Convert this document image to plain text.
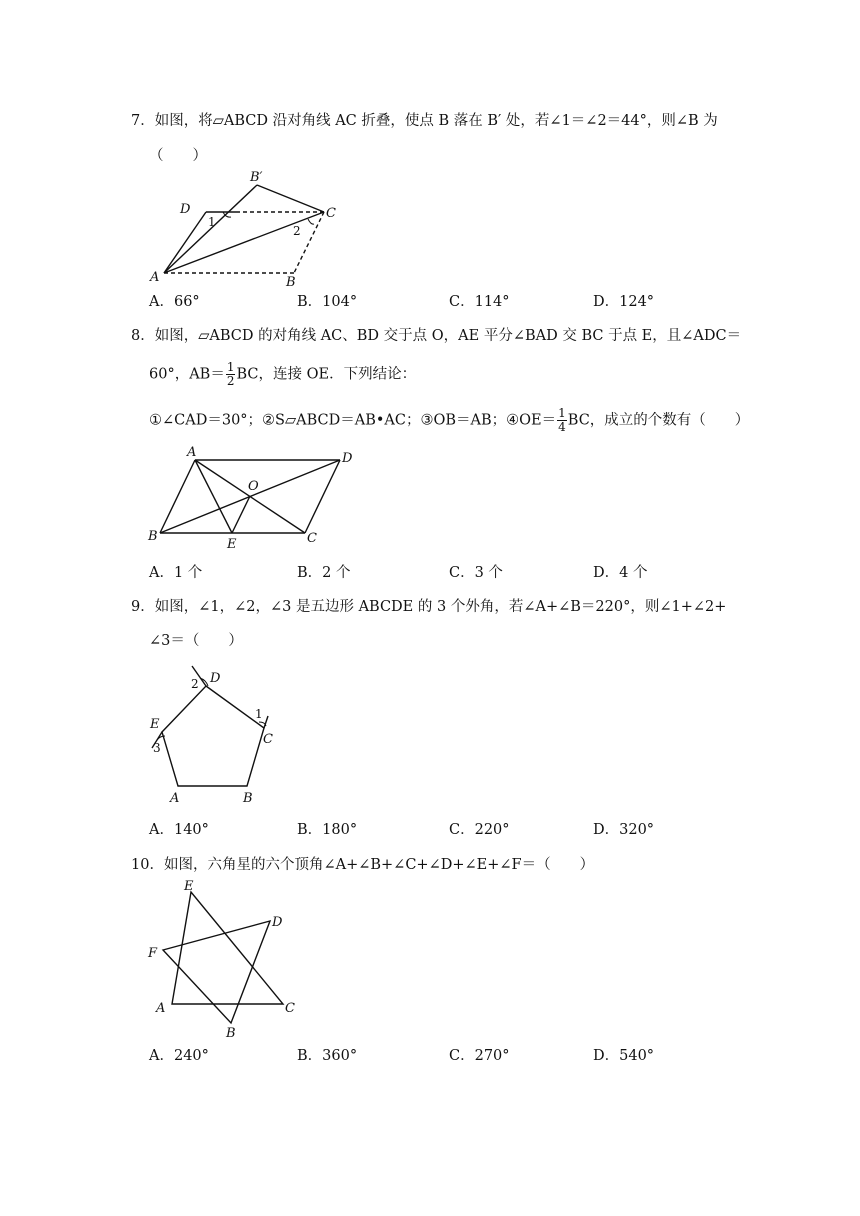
7．如图，将▱ABCD 沿对角线 AC 折叠，使点 B 落在 B′ 处，若∠1＝∠2＝44°，则∠B 为
（　　）
D
B′
C
A	B
1
2
A．66°	B．104°	C．114°	D．124°
8．如图，▱ABCD 的对角线 AC、BD 交于点 O，AE 平分∠BAD 交 BC 于点 E，且∠ADC＝
60°，$AB= \frac{1}{2}$ BC，连接 OE．下列结论：
①∠CAD＝30°；②S▱ABCD＝AB•AC；③OB＝AB；④OE＝ $\frac{1}{4}$ BC，成立的个数有（　　）
A	D
O
B
E	C
A．1 个	B．2 个	C．3 个	D．4 个
9．如图，∠1，∠2，∠3 是五边形 ABCDE 的 3 个外角，若∠A+∠B＝220°，则∠1+∠2+
∠3＝（　　）
D
2
E
3
1
C
A	B
A．140°	B．180°	C．220°	D．320°
10．如图，六角星的六个顶角∠A+∠B+∠C+∠D+∠E+∠F＝（　　）
E
D
F
A	C
B
A．240°	B．360°	C．270°	D．540°
